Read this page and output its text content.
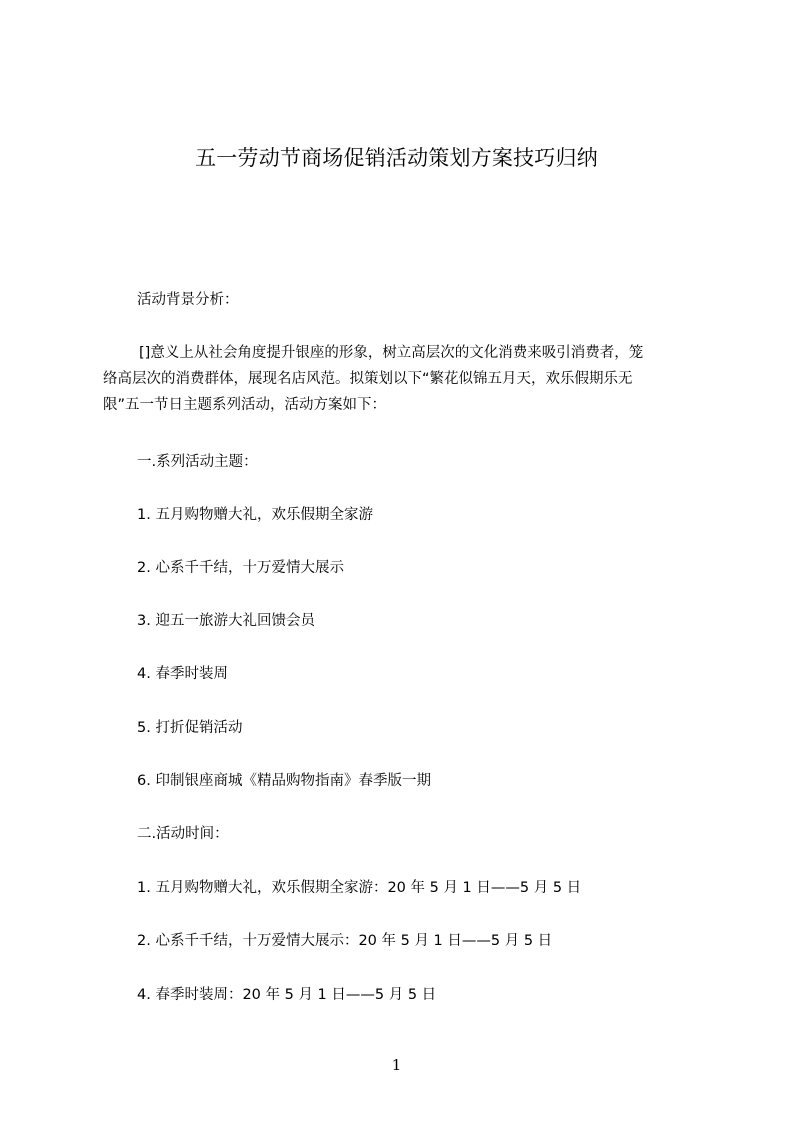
五一劳动节商场促销活动策划方案技巧归纳
活动背景分析：
[]意义上从社会角度提升银座的形象，树立高层次的文化消费来吸引消费者，笼
络高层次的消费群体，展现名店风范。拟策划以下“繁花似锦五月天，欢乐假期乐无
限”五一节日主题系列活动，活动方案如下：
一.系列活动主题：
1. 五月购物赠大礼，欢乐假期全家游
2. 心系千千结，十万爱情大展示
3. 迎五一旅游大礼回馈会员
4. 春季时装周
5. 打折促销活动
6. 印制银座商城《精品购物指南》春季版一期
二.活动时间：
1. 五月购物赠大礼，欢乐假期全家游：20 年 5 月 1 日——5 月 5 日
2. 心系千千结，十万爱情大展示：20 年 5 月 1 日——5 月 5 日
4. 春季时装周：20 年 5 月 1 日——5 月 5 日
1
